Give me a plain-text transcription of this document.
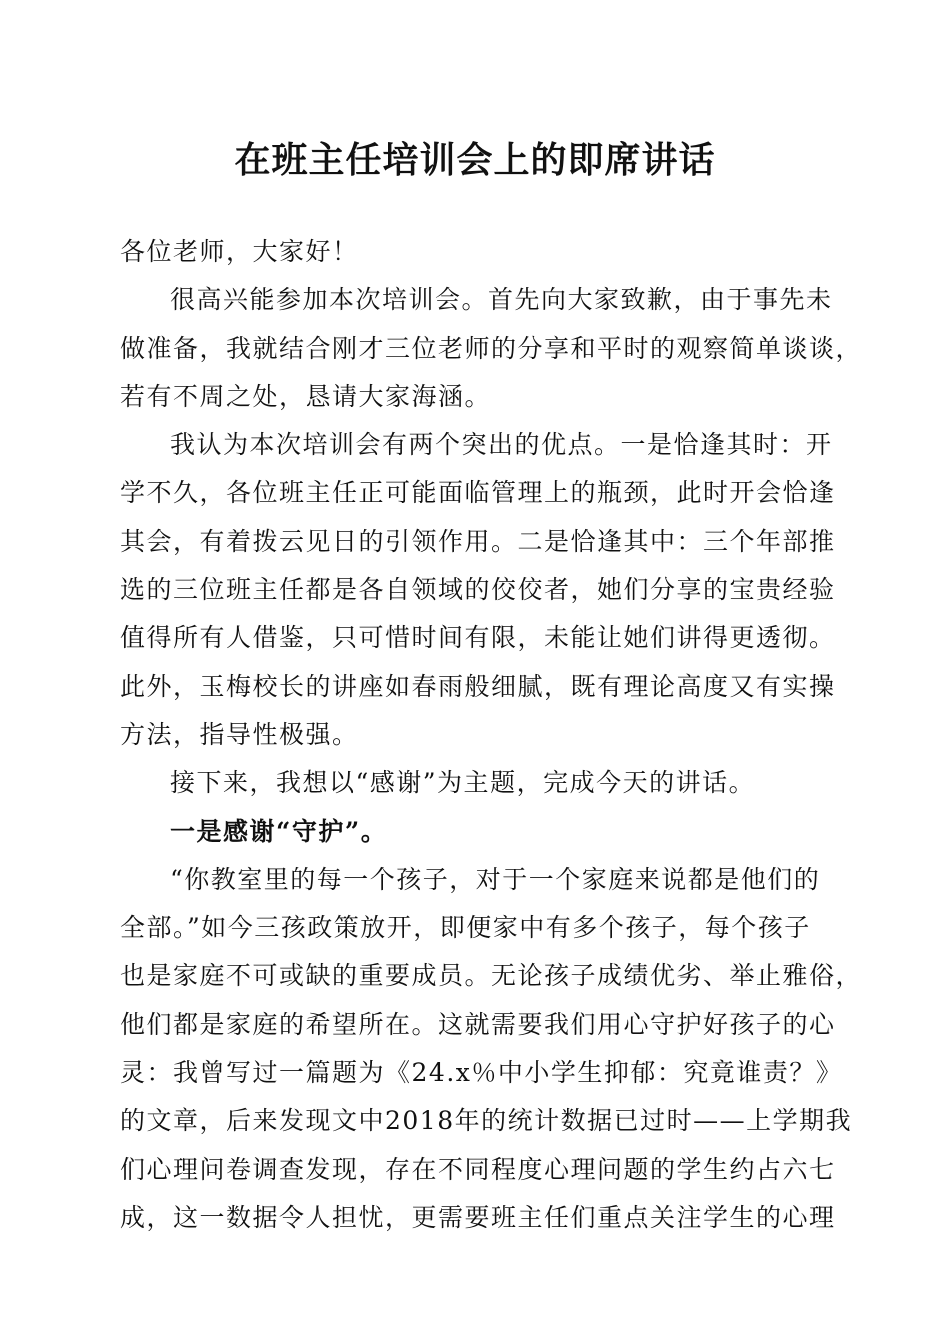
在班主任培训会上的即席讲话
各位老师，大家好！
很高兴能参加本次培训会。首先向大家致歉，由于事先未
做准备，我就结合刚才三位老师的分享和平时的观察简单谈谈，
若有不周之处，恳请大家海涵。
我认为本次培训会有两个突出的优点。一是恰逢其时：开
学不久，各位班主任正可能面临管理上的瓶颈，此时开会恰逢
其会，有着拨云见日的引领作用。二是恰逢其中：三个年部推
选的三位班主任都是各自领域的佼佼者，她们分享的宝贵经验
值得所有人借鉴，只可惜时间有限，未能让她们讲得更透彻。
此外，玉梅校长的讲座如春雨般细腻，既有理论高度又有实操
方法，指导性极强。
接下来，我想以“感谢”为主题，完成今天的讲话。
一是感谢“守护”。
“你教室里的每一个孩子，对于一个家庭来说都是他们的
全部。”如今三孩政策放开，即便家中有多个孩子，每个孩子
也是家庭不可或缺的重要成员。无论孩子成绩优劣、举止雅俗，
他们都是家庭的希望所在。这就需要我们用心守护好孩子的心
灵：我曾写过一篇题为《24.x％中小学生抑郁：究竟谁责？》
的文章，后来发现文中2018年的统计数据已过时——上学期我
们心理问卷调查发现，存在不同程度心理问题的学生约占六七
成，这一数据令人担忧，更需要班主任们重点关注学生的心理
